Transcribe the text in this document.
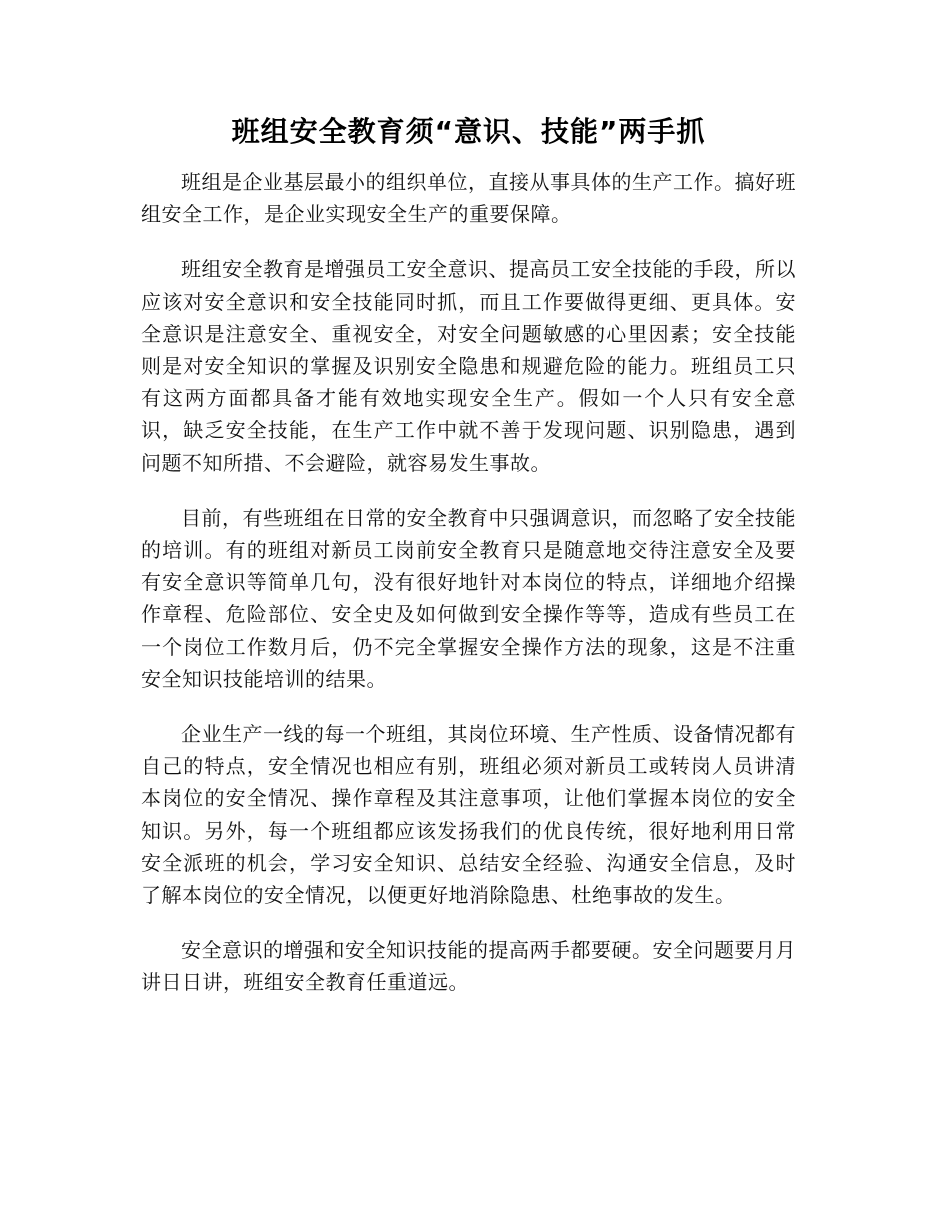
班组安全教育须“意识、技能”两手抓

班组是企业基层最小的组织单位，直接从事具体的生产工作。搞好班组安全工作，是企业实现安全生产的重要保障。

班组安全教育是增强员工安全意识、提高员工安全技能的手段，所以应该对安全意识和安全技能同时抓，而且工作要做得更细、更具体。安全意识是注意安全、重视安全，对安全问题敏感的心里因素；安全技能则是对安全知识的掌握及识别安全隐患和规避危险的能力。班组员工只有这两方面都具备才能有效地实现安全生产。假如一个人只有安全意识，缺乏安全技能，在生产工作中就不善于发现问题、识别隐患，遇到问题不知所措、不会避险，就容易发生事故。

目前，有些班组在日常的安全教育中只强调意识，而忽略了安全技能的培训。有的班组对新员工岗前安全教育只是随意地交待注意安全及要有安全意识等简单几句，没有很好地针对本岗位的特点，详细地介绍操作章程、危险部位、安全史及如何做到安全操作等等，造成有些员工在一个岗位工作数月后，仍不完全掌握安全操作方法的现象，这是不注重安全知识技能培训的结果。

企业生产一线的每一个班组，其岗位环境、生产性质、设备情况都有自己的特点，安全情况也相应有别，班组必须对新员工或转岗人员讲清本岗位的安全情况、操作章程及其注意事项，让他们掌握本岗位的安全知识。另外，每一个班组都应该发扬我们的优良传统，很好地利用日常安全派班的机会，学习安全知识、总结安全经验、沟通安全信息，及时了解本岗位的安全情况，以便更好地消除隐患、杜绝事故的发生。

安全意识的增强和安全知识技能的提高两手都要硬。安全问题要月月讲日日讲，班组安全教育任重道远。
